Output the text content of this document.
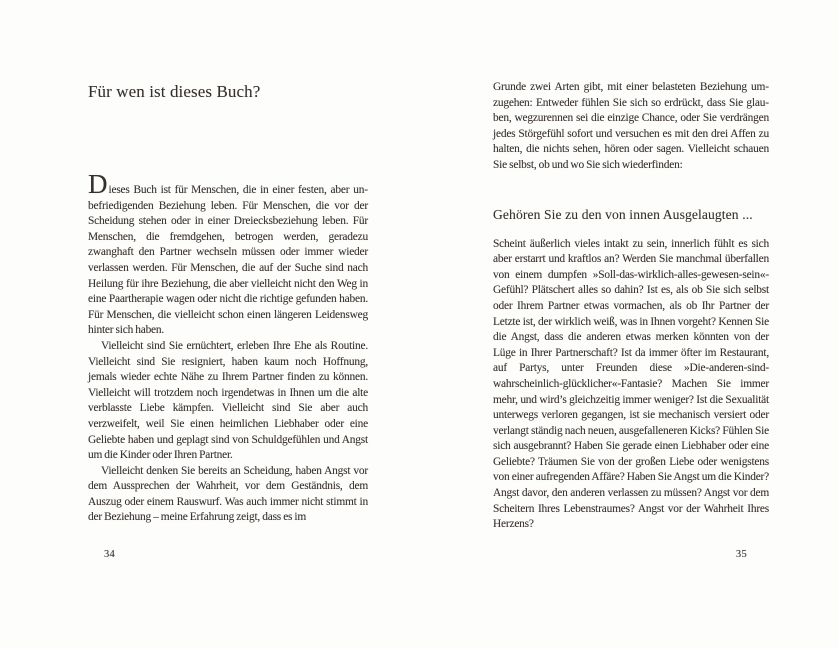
Für wen ist dieses Buch?

Dieses Buch ist für Menschen, die in einer festen, aber unbefriedigenden Beziehung leben. Für Menschen, die vor der Scheidung stehen oder in einer Dreiecksbeziehung leben. Für Menschen, die fremdgehen, betrogen werden, geradezu zwanghaft den Partner wechseln müssen oder immer wieder verlassen werden. Für Menschen, die auf der Suche sind nach Heilung für ihre Beziehung, die aber vielleicht nicht den Weg in eine Paartherapie wagen oder nicht die richtige gefunden haben. Für Menschen, die vielleicht schon einen längeren Leidensweg hinter sich haben.

Vielleicht sind Sie ernüchtert, erleben Ihre Ehe als Routine. Vielleicht sind Sie resigniert, haben kaum noch Hoffnung, jemals wieder echte Nähe zu Ihrem Partner finden zu können. Vielleicht will trotzdem noch irgendetwas in Ihnen um die alte verblasste Liebe kämpfen. Vielleicht sind Sie aber auch verzweifelt, weil Sie einen heimlichen Liebhaber oder eine Geliebte haben und geplagt sind von Schuldgefühlen und Angst um die Kinder oder Ihren Partner.

Vielleicht denken Sie bereits an Scheidung, haben Angst vor dem Aussprechen der Wahrheit, vor dem Geständnis, dem Auszug oder einem Rauswurf. Was auch immer nicht stimmt in der Beziehung – meine Erfahrung zeigt, dass es im

34

Grunde zwei Arten gibt, mit einer belasteten Beziehung umzugehen: Entweder fühlen Sie sich so erdrückt, dass Sie glauben, wegzurennen sei die einzige Chance, oder Sie verdrängen jedes Störgefühl sofort und versuchen es mit den drei Affen zu halten, die nichts sehen, hören oder sagen. Vielleicht schauen Sie selbst, ob und wo Sie sich wiederfinden:

Gehören Sie zu den von innen Ausgelaugten ...

Scheint äußerlich vieles intakt zu sein, innerlich fühlt es sich aber erstarrt und kraftlos an? Werden Sie manchmal überfallen von einem dumpfen »Soll-das-wirklich-alles-gewesen-sein«-Gefühl? Plätschert alles so dahin? Ist es, als ob Sie sich selbst oder Ihrem Partner etwas vormachen, als ob Ihr Partner der Letzte ist, der wirklich weiß, was in Ihnen vorgeht? Kennen Sie die Angst, dass die anderen etwas merken könnten von der Lüge in Ihrer Partnerschaft? Ist da immer öfter im Restaurant, auf Partys, unter Freunden diese »Die-anderen-sind-wahrscheinlich-glücklicher«-Fantasie? Machen Sie immer mehr, und wird’s gleichzeitig immer weniger? Ist die Sexualität unterwegs verloren gegangen, ist sie mechanisch versiert oder verlangt ständig nach neuen, ausgefalleneren Kicks? Fühlen Sie sich ausgebrannt? Haben Sie gerade einen Liebhaber oder eine Geliebte? Träumen Sie von der großen Liebe oder wenigstens von einer aufregenden Affäre? Haben Sie Angst um die Kinder? Angst davor, den anderen verlassen zu müssen? Angst vor dem Scheitern Ihres Lebenstraumes? Angst vor der Wahrheit Ihres Herzens?

35
